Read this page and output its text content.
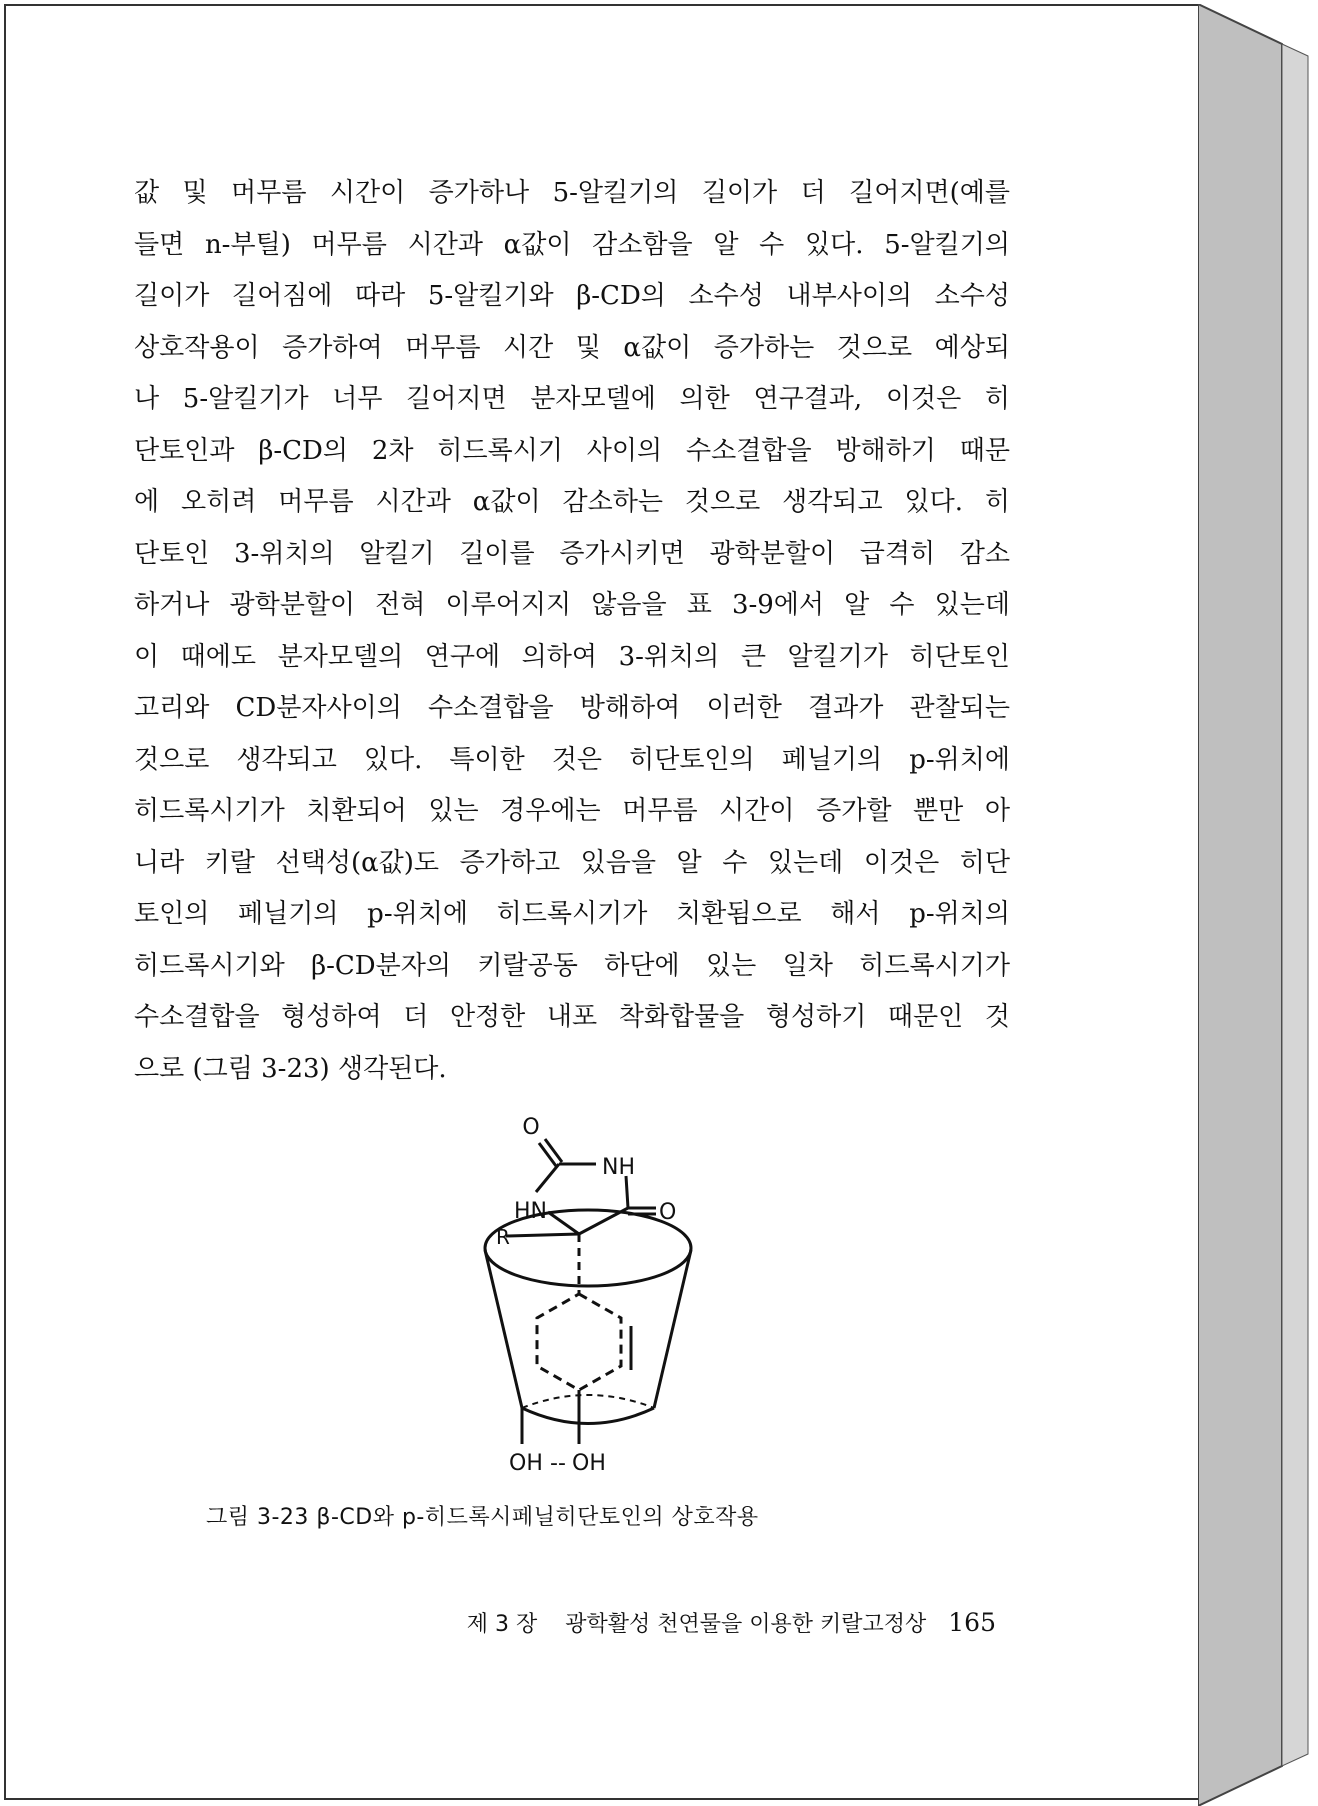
값 및 머무름 시간이 증가하나 5-알킬기의 길이가 더 길어지면(예를
들면 n-부틸) 머무름 시간과 α값이 감소함을 알 수 있다. 5-알킬기의
길이가 길어짐에 따라 5-알킬기와 β-CD의 소수성 내부사이의 소수성
상호작용이 증가하여 머무름 시간 및 α값이 증가하는 것으로 예상되
나 5-알킬기가 너무 길어지면 분자모델에 의한 연구결과, 이것은 히
단토인과 β-CD의 2차 히드록시기 사이의 수소결합을 방해하기 때문
에 오히려 머무름 시간과 α값이 감소하는 것으로 생각되고 있다. 히
단토인 3-위치의 알킬기 길이를 증가시키면 광학분할이 급격히 감소
하거나 광학분할이 전혀 이루어지지 않음을 표 3-9에서 알 수 있는데
이 때에도 분자모델의 연구에 의하여 3-위치의 큰 알킬기가 히단토인
고리와 CD분자사이의 수소결합을 방해하여 이러한 결과가 관찰되는
것으로 생각되고 있다. 특이한 것은 히단토인의 페닐기의 p-위치에
히드록시기가 치환되어 있는 경우에는 머무름 시간이 증가할 뿐만 아
니라 키랄 선택성(α값)도 증가하고 있음을 알 수 있는데 이것은 히단
토인의 페닐기의 p-위치에 히드록시기가 치환됨으로 해서 p-위치의
히드록시기와 β-CD분자의 키랄공동 하단에 있는 일차 히드록시기가
수소결합을 형성하여 더 안정한 내포 착화합물을 형성하기 때문인 것
으로 (그림 3-23) 생각된다.
O
NH
HN	O
R
OH -- OH
그림 3-23 β-CD와 p-히드록시페닐히단토인의 상호작용
제 3 장 광학활성 천연물을 이용한 키랄고정상 165
